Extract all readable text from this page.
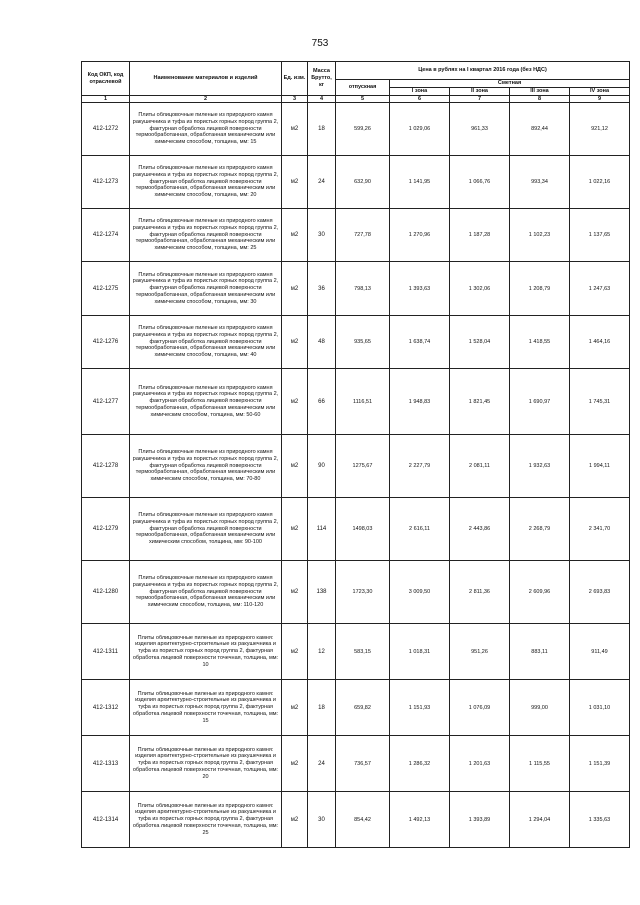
753
Код ОКП, код отраслевой	Наименование материалов и изделий	Ед. изм.	Масса Брутто, кг	Цена в рублях на I квартал 2016 года (без НДС)				
				отпускная	Сметная			
					I зона	II зона	III зона	IV зона
1	2	3	4	5	6	7	8	9
412-1272	Плиты облицовочные пиленые из природного камня ракушечника и туфа из пористых горных пород группа 2, фактурная обработка лицевой поверхности термообработанная, обработанная механическим или химическим способом, толщина, мм: 15	м2	18	599,26	1 029,06	961,33	892,44	921,12
412-1273	Плиты облицовочные пиленые из природного камня ракушечника и туфа из пористых горных пород группа 2, фактурная обработка лицевой поверхности термообработанная, обработанная механическим или химическим способом, толщина, мм: 20	м2	24	632,90	1 141,95	1 066,76	993,34	1 022,16
412-1274	Плиты облицовочные пиленые из природного камня ракушечника и туфа из пористых горных пород группа 2, фактурная обработка лицевой поверхности термообработанная, обработанная механическим или химическим способом, толщина, мм: 25	м2	30	727,78	1 270,96	1 187,28	1 102,23	1 137,65
412-1275	Плиты облицовочные пиленые из природного камня ракушечника и туфа из пористых горных пород группа 2, фактурная обработка лицевой поверхности термообработанная, обработанная механическим или химическим способом, толщина, мм: 30	м2	36	798,13	1 393,63	1 302,06	1 208,79	1 247,63
412-1276	Плиты облицовочные пиленые из природного камня ракушечника и туфа из пористых горных пород группа 2, фактурная обработка лицевой поверхности термообработанная, обработанная механическим или химическим способом, толщина, мм: 40	м2	48	935,65	1 638,74	1 528,04	1 418,55	1 464,16
412-1277	Плиты облицовочные пиленые из природного камня ракушечника и туфа из пористых горных пород группа 2, фактурная обработка лицевой поверхности термообработанная, обработанная механическим или химическим способом, толщина, мм: 50-60	м2	66	1116,51	1 948,83	1 821,45	1 690,97	1 745,31
412-1278	Плиты облицовочные пиленые из природного камня ракушечника и туфа из пористых горных пород группа 2, фактурная обработка лицевой поверхности термообработанная, обработанная механическим или химическим способом, толщина, мм: 70-80	м2	90	1275,67	2 227,79	2 081,11	1 932,63	1 994,11
412-1279	Плиты облицовочные пиленые из природного камня ракушечника и туфа из пористых горных пород группа 2, фактурная обработка лицевой поверхности термообработанная, обработанная механическим или химическим способом, толщина, мм: 90-100	м2	114	1498,03	2 616,11	2 443,86	2 268,79	2 341,70
412-1280	Плиты облицовочные пиленые из природного камня ракушечника и туфа из пористых горных пород группа 2, фактурная обработка лицевой поверхности термообработанная, обработанная механическим или химическим способом, толщина, мм: 110-120	м2	138	1723,30	3 009,50	2 811,36	2 609,96	2 693,83
412-1311	Плиты облицовочные пиленые из природного камня: изделия архитектурно-строительные из ракушечника и туфа из пористых горных пород группа 2, фактурная обработка лицевой поверхности точечная, толщина, мм: 10	м2	12	583,15	1 018,31	951,26	883,11	911,49
412-1312	Плиты облицовочные пиленые из природного камня: изделия архитектурно-строительные из ракушечника и туфа из пористых горных пород группа 2, фактурная обработка лицевой поверхности точечная, толщина, мм: 15	м2	18	659,82	1 151,93	1 076,09	999,00	1 031,10
412-1313	Плиты облицовочные пиленые из природного камня: изделия архитектурно-строительные из ракушечника и туфа из пористых горных пород группа 2, фактурная обработка лицевой поверхности точечная, толщина, мм: 20	м2	24	736,57	1 286,32	1 201,63	1 115,55	1 151,39
412-1314	Плиты облицовочные пиленые из природного камня: изделия архитектурно-строительные из ракушечника и туфа из пористых горных пород группа 2, фактурная обработка лицевой поверхности точечная, толщина, мм: 25	м2	30	854,42	1 492,13	1 393,89	1 294,04	1 335,63
